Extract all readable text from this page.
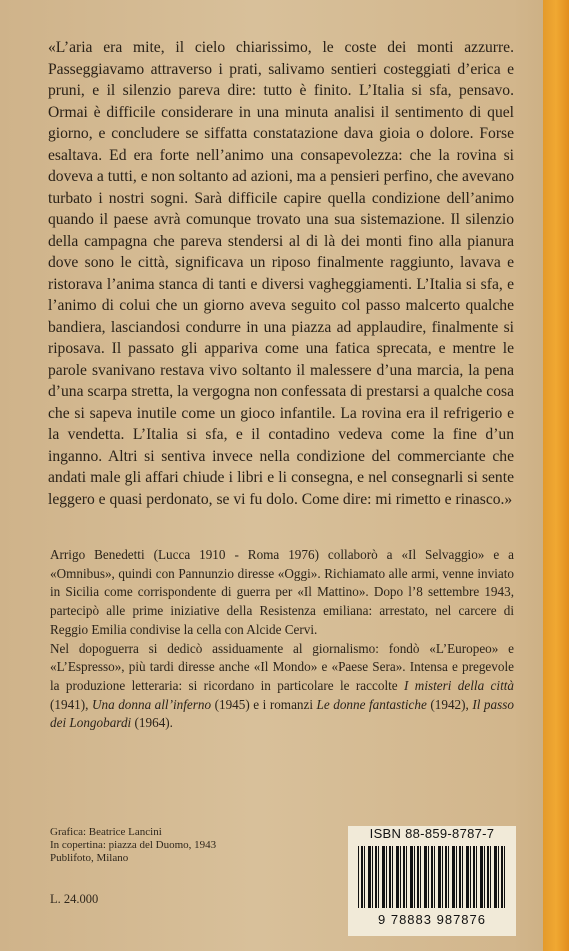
«L’aria era mite, il cielo chiarissimo, le coste dei monti azzurre. Passeggiavamo attraverso i prati, salivamo sentieri costeggiati d’erica e pruni, e il silenzio pareva dire: tutto è finito. L’Italia si sfa, pensavo. Ormai è difficile considerare in una minuta analisi il sentimento di quel giorno, e concludere se siffatta constatazione dava gioia o dolore. Forse esaltava. Ed era forte nell’animo una consapevolezza: che la rovina si doveva a tutti, e non soltanto ad azioni, ma a pensieri perfino, che avevano turbato i nostri sogni. Sarà difficile capire quella condizione dell’animo quando il paese avrà comunque trovato una sua sistemazione. Il silenzio della campagna che pareva stendersi al di là dei monti fino alla pianura dove sono le città, significava un riposo finalmente raggiunto, lavava e ristorava l’anima stanca di tanti e diversi vagheggiamenti. L’Italia si sfa, e l’animo di colui che un giorno aveva seguito col passo malcerto qualche bandiera, lasciandosi condurre in una piazza ad applaudire, finalmente si riposava. Il passato gli appariva come una fatica sprecata, e mentre le parole svanivano restava vivo soltanto il malessere d’una marcia, la pena d’una scarpa stretta, la vergogna non confessata di prestarsi a qualche cosa che si sapeva inutile come un gioco infantile. La rovina era il refrigerio e la vendetta. L’Italia si sfa, e il contadino vedeva come la fine d’un inganno. Altri si sentiva invece nella condizione del commerciante che andati male gli affari chiude i libri e li consegna, e nel consegnarli si sente leggero e quasi perdonato, se vi fu dolo. Come dire: mi rimetto e rinasco.»

Arrigo Benedetti (Lucca 1910 - Roma 1976) collaborò a «Il Selvaggio» e a «Omnibus», quindi con Pannunzio diresse «Oggi». Richiamato alle armi, venne inviato in Sicilia come corrispondente di guerra per «Il Mattino». Dopo l’8 settembre 1943, partecipò alle prime iniziative della Resistenza emiliana: arrestato, nel carcere di Reggio Emilia condivise la cella con Alcide Cervi.

Nel dopoguerra si dedicò assiduamente al giornalismo: fondò «L’Europeo» e «L’Espresso», più tardi diresse anche «Il Mondo» e «Paese Sera». Intensa e pregevole la produzione letteraria: si ricordano in particolare le raccolte I misteri della città (1941), Una donna all’inferno (1945) e i romanzi Le donne fantastiche (1942), Il passo dei Longobardi (1964).

Grafica: Beatrice Lancini
In copertina: piazza del Duomo, 1943
Publifoto, Milano
L. 24.000
ISBN 88-859-8787-7
9 78883 987876
